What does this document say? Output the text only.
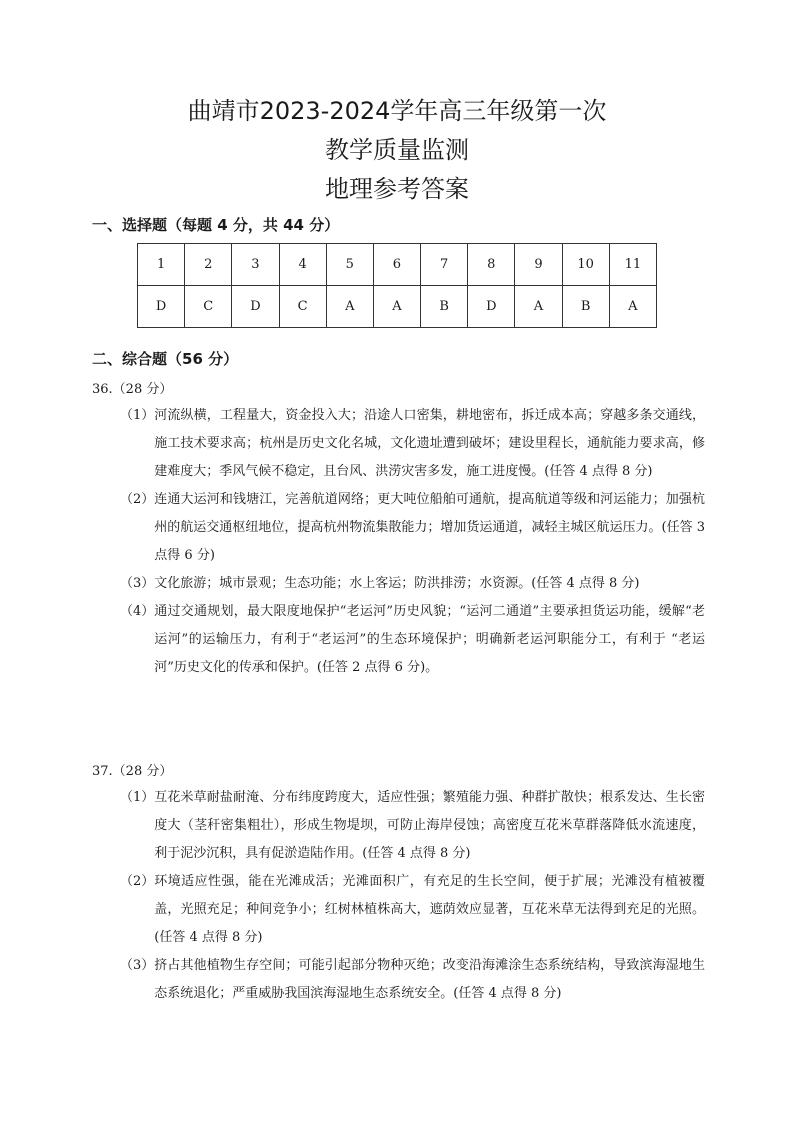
曲靖市2023-2024学年高三年级第一次
教学质量监测
地理参考答案
一、选择题（每题 4 分，共 44 分）
1	2	3	4	5	6	7	8	9	10	11
D	C	D	C	A	A	B	D	A	B	A
二、综合题（56 分）
36.（28 分）
（1） 河流纵横，工程量大，资金投入大；沿途人口密集，耕地密布，拆迁成本高；穿越多条交通线，施工技术要求高；杭州是历史文化名城，文化遗址遭到破坏；建设里程长，通航能力要求高，修建难度大；季风气候不稳定，且台风、洪涝灾害多发，施工进度慢。(任答 4 点得 8 分)
（2） 连通大运河和钱塘江，完善航道网络；更大吨位船舶可通航，提高航道等级和河运能力；加强杭州的航运交通枢纽地位，提高杭州物流集散能力；增加货运通道，减轻主城区航运压力。(任答 3 点得 6 分)
（3） 文化旅游；城市景观；生态功能；水上客运；防洪排涝；水资源。(任答 4 点得 8 分)
（4） 通过交通规划，最大限度地保护“老运河”历史风貌；“运河二通道”主要承担货运功能，缓解“老运河”的运输压力，有利于“老运河”的生态环境保护；明确新老运河职能分工，有利于 “老运河”历史文化的传承和保护。(任答 2 点得 6 分)。
37.（28 分）
（1） 互花米草耐盐耐淹、分布纬度跨度大，适应性强；繁殖能力强、种群扩散快；根系发达、生长密度大（茎秆密集粗壮），形成生物堤坝，可防止海岸侵蚀；高密度互花米草群落降低水流速度，利于泥沙沉积，具有促淤造陆作用。(任答 4 点得 8 分)
（2） 环境适应性强，能在光滩成活；光滩面积广，有充足的生长空间，便于扩展；光滩没有植被覆盖，光照充足；种间竞争小；红树林植株高大，遮荫效应显著，互花米草无法得到充足的光照。(任答 4 点得 8 分)
（3） 挤占其他植物生存空间；可能引起部分物种灭绝；改变沿海滩涂生态系统结构，导致滨海湿地生态系统退化；严重威胁我国滨海湿地生态系统安全。(任答 4 点得 8 分)
